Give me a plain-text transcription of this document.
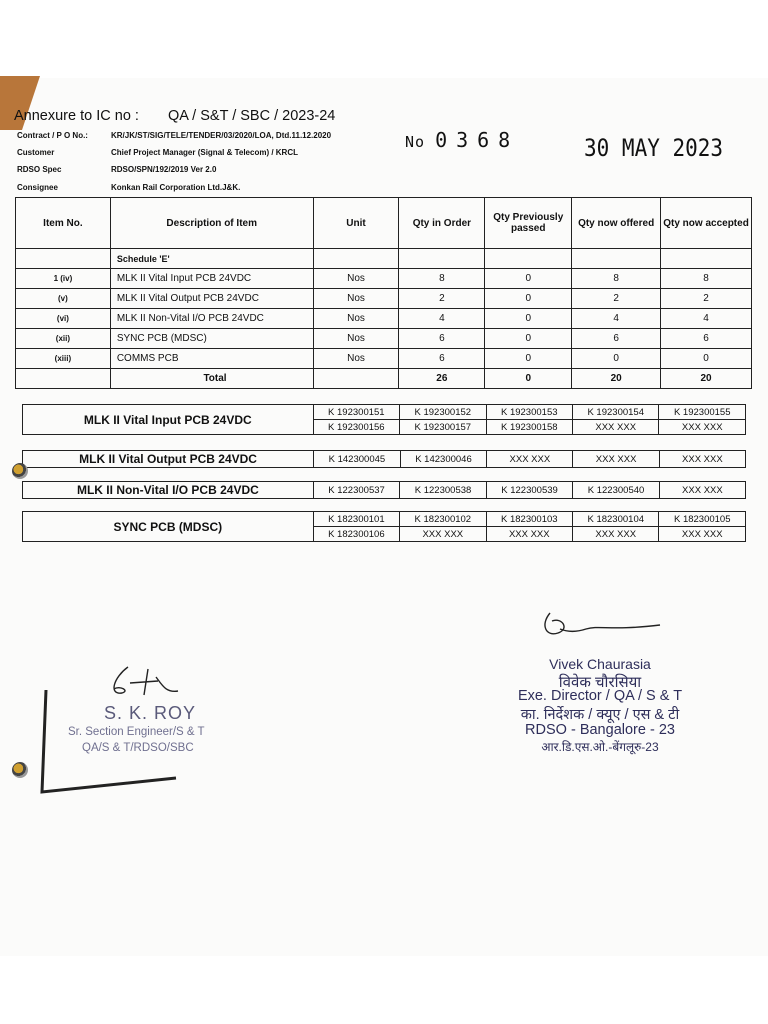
Annexure to IC no : QA / S&T / SBC / 2023-24
Contract / P O No.:	KR/JK/ST/SIG/TELE/TENDER/03/2020/LOA, Dtd.11.12.2020
Customer	Chief Project Manager (Signal & Telecom) / KRCL
RDSO Spec	RDSO/SPN/192/2019 Ver 2.0
Consignee	Konkan Rail Corporation Ltd.J&K.
No 0368	30 MAY 2023
Item No.	Description of Item	Unit	Qty in Order	Qty Previously passed	Qty now offered	Qty now accepted
	Schedule 'E'					
1 (iv)	MLK II Vital Input PCB 24VDC	Nos	8	0	8	8
(v)	MLK II Vital Output PCB 24VDC	Nos	2	0	2	2
(vi)	MLK II Non-Vital I/O PCB 24VDC	Nos	4	0	4	4
(xii)	SYNC PCB (MDSC)	Nos	6	0	6	6
(xiii)	COMMS PCB	Nos	6	0	0	0
	Total		26	0	20	20
MLK II Vital Input PCB 24VDC	K 192300151	K 192300152	K 192300153	K 192300154	K 192300155
	K 192300156	K 192300157	K 192300158	XXX XXX	XXX XXX
MLK II Vital Output PCB 24VDC	K 142300045	K 142300046	XXX XXX	XXX XXX	XXX XXX
MLK II Non-Vital I/O PCB 24VDC	K 122300537	K 122300538	K 122300539	K 122300540	XXX XXX
SYNC PCB (MDSC)	K 182300101	K 182300102	K 182300103	K 182300104	K 182300105
	K 182300106	XXX XXX	XXX XXX	XXX XXX	XXX XXX
S. K. ROY
Sr. Section Engineer/S & T
QA/S & T/RDSO/SBC
Vivek Chaurasia
विवेक चौरसिया
Exe. Director / QA / S & T
का. निर्देशक / क्यूए / एस & टी
RDSO - Bangalore - 23
आर.डि.एस.ओ.-बेंगलूरु-23
